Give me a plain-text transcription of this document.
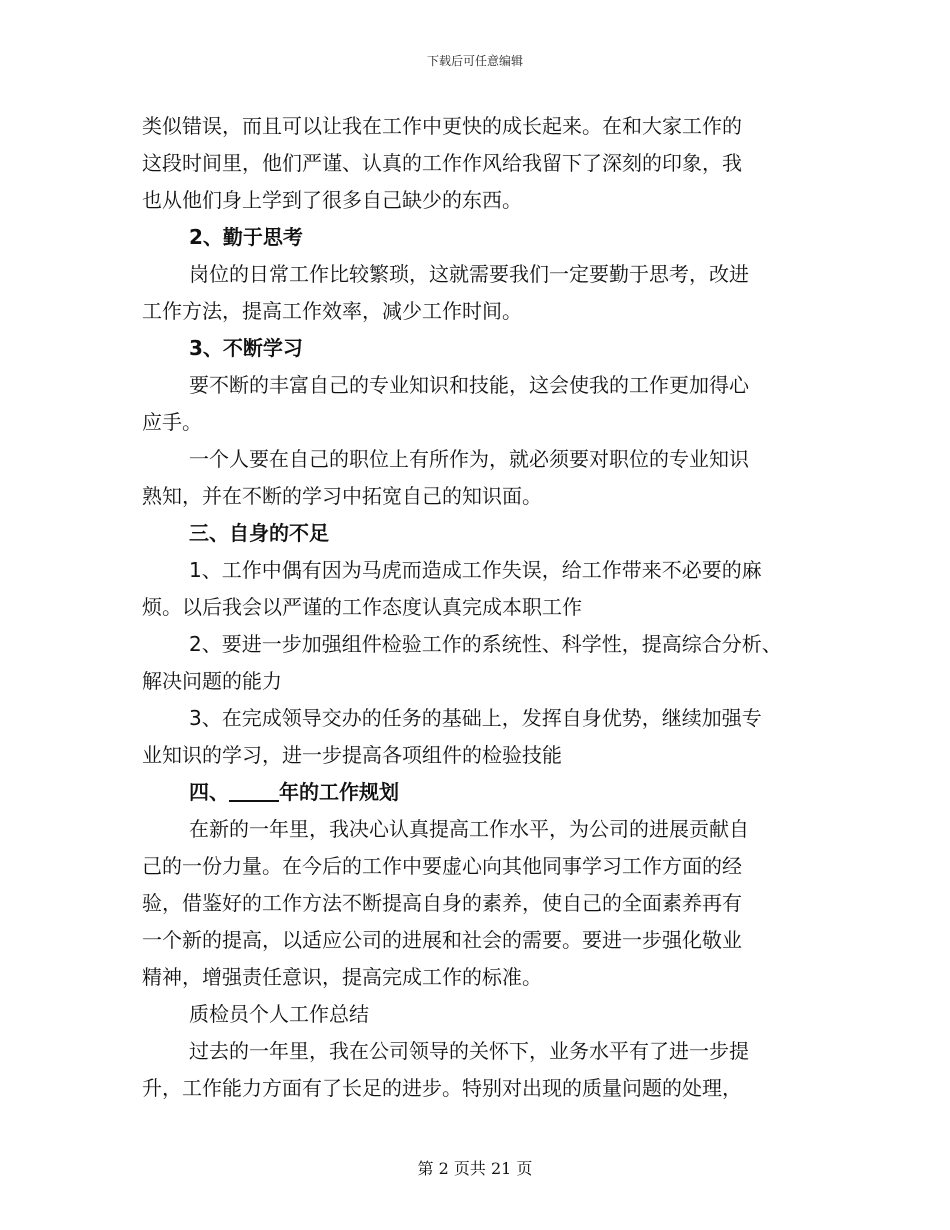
下载后可任意编辑
类似错误，而且可以让我在工作中更快的成长起来。在和大家工作的
这段时间里，他们严谨、认真的工作作风给我留下了深刻的印象，我
也从他们身上学到了很多自己缺少的东西。
2、勤于思考
岗位的日常工作比较繁琐，这就需要我们一定要勤于思考，改进
工作方法，提高工作效率，减少工作时间。
3、不断学习
要不断的丰富自己的专业知识和技能，这会使我的工作更加得心
应手。
一个人要在自己的职位上有所作为，就必须要对职位的专业知识
熟知，并在不断的学习中拓宽自己的知识面。
三、自身的不足
1、工作中偶有因为马虎而造成工作失误，给工作带来不必要的麻
烦。以后我会以严谨的工作态度认真完成本职工作
2、要进一步加强组件检验工作的系统性、科学性，提高综合分析、
解决问题的能力
3、在完成领导交办的任务的基础上，发挥自身优势，继续加强专
业知识的学习，进一步提高各项组件的检验技能
四、	年的工作规划
在新的一年里，我决心认真提高工作水平，为公司的进展贡献自
己的一份力量。在今后的工作中要虚心向其他同事学习工作方面的经
验，借鉴好的工作方法不断提高自身的素养，使自己的全面素养再有
一个新的提高，以适应公司的进展和社会的需要。要进一步强化敬业
精神，增强责任意识，提高完成工作的标准。
质检员个人工作总结
过去的一年里，我在公司领导的关怀下，业务水平有了进一步提
升，工作能力方面有了长足的进步。特别对出现的质量问题的处理，
第 2 页共 21 页
